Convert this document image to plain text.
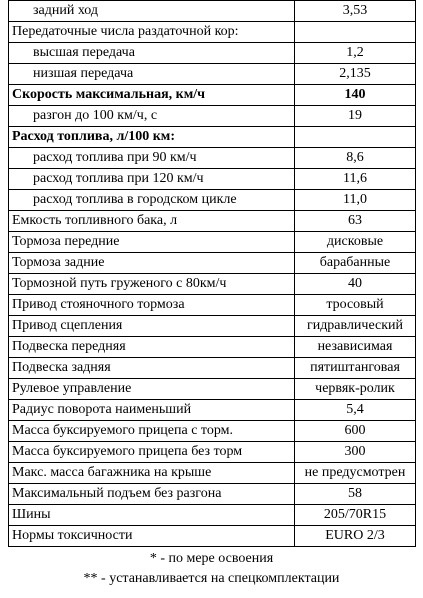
задний ход	3,53
Передаточные числа раздаточной кор:	
высшая передача	1,2
низшая передача	2,135
Скорость максимальная, км/ч	140
разгон до 100 км/ч, с	19
Расход топлива, л/100 км:	
расход топлива при 90 км/ч	8,6
расход топлива при 120 км/ч	11,6
расход топлива в городском цикле	11,0
Емкость топливного бака, л	63
Тормоза передние	дисковые
Тормоза задние	барабанные
Тормозной путь груженого с 80км/ч	40
Привод стояночного тормоза	тросовый
Привод сцепления	гидравлический
Подвеска передняя	независимая
Подвеска задняя	пятиштанговая
Рулевое управление	червяк-ролик
Радиус поворота наименьший	5,4
Масса буксируемого прицепа с торм.	600
Масса буксируемого прицепа без торм	300
Макс. масса багажника на крыше	не предусмотрен
Максимальный подъем без разгона	58
Шины	205/70R15
Нормы токсичности	EURO 2/3
* - по мере освоения
** - устанавливается на спецкомплектации
